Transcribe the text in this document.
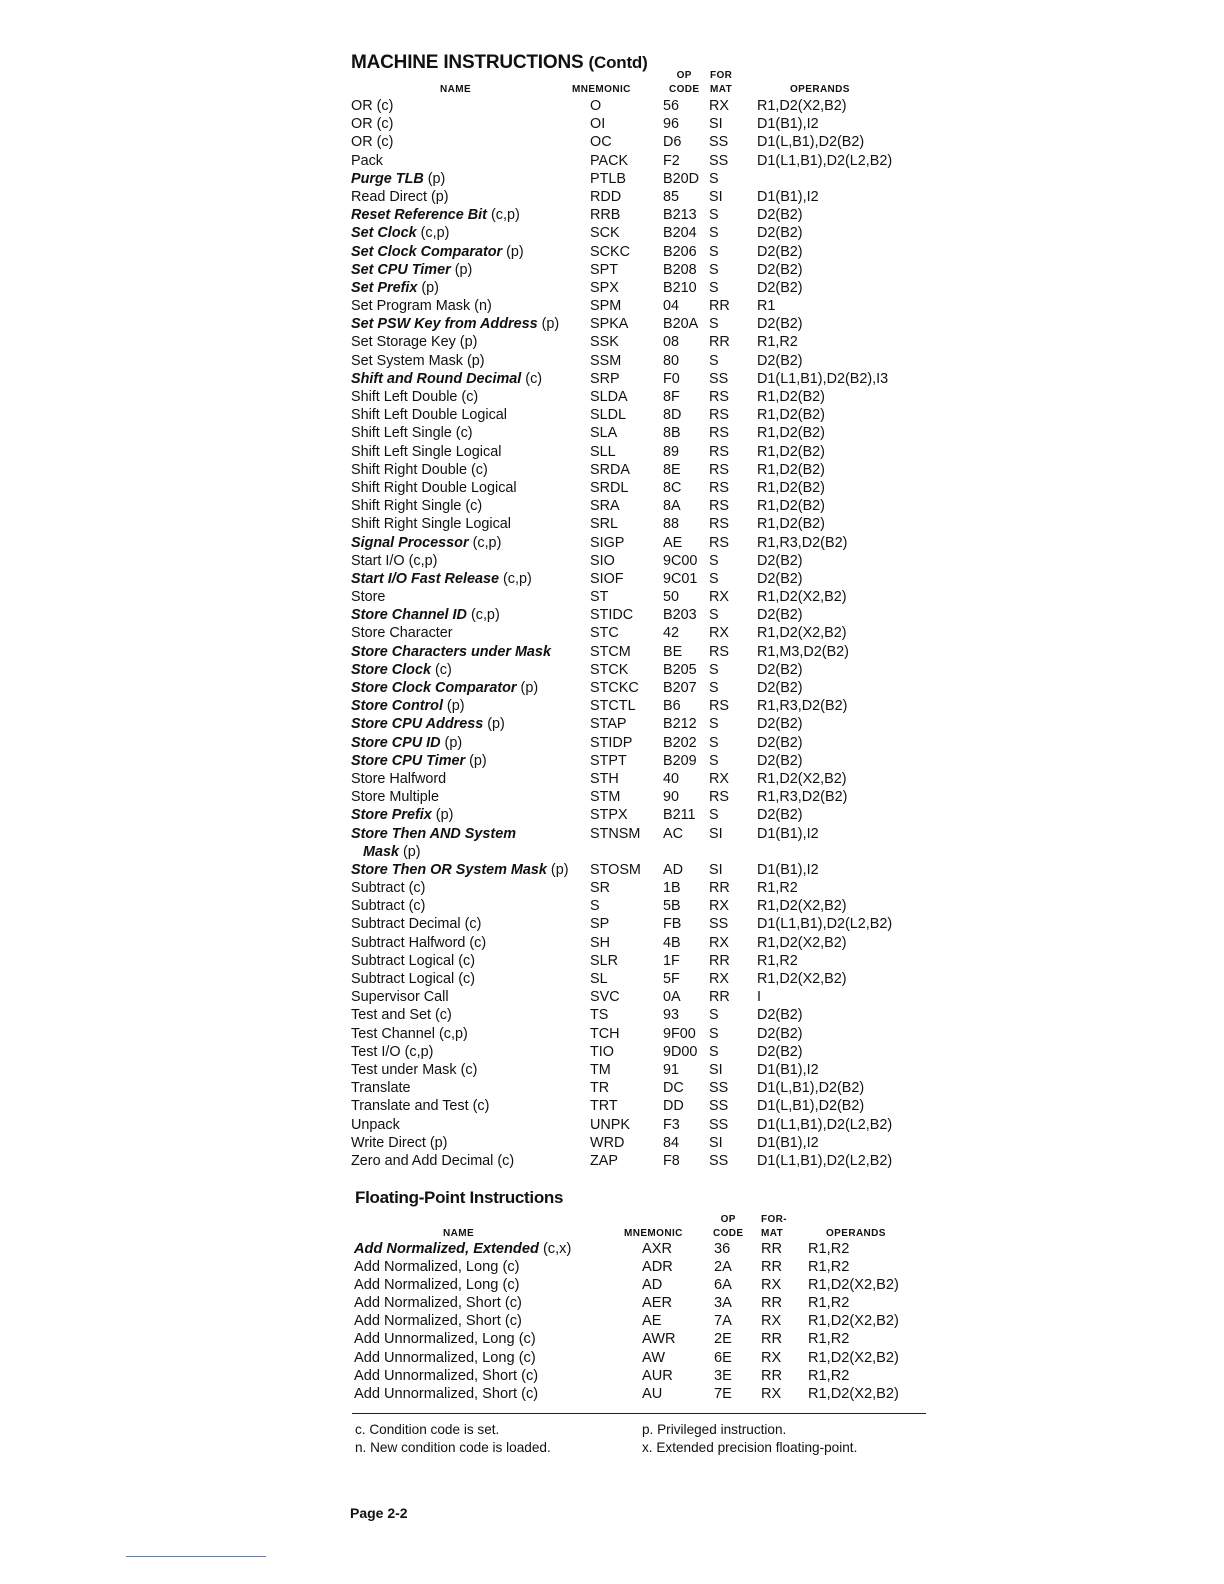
MACHINE INSTRUCTIONS (Contd)
NAME	MNEMONIC
OP
CODE
FOR
MAT	OPERANDS
OR (c)	O	56 RX R1,D2(X2,B2)
OR (c)	OI	96 SI D1(B1),I2
OR (c)	OC	D6 SS D1(L,B1),D2(B2)
Pack	PACK F2 SS D1(L1,B1),D2(L2,B2)
Purge TLB (p)	PTLB	B20D S
Read Direct (p)	RDD	85 SI D1(B1),I2
Reset Reference Bit (c,p)	RRB	B213 S	D2(B2)
Set Clock (c,p)	SCK	B204 S	D2(B2)
Set Clock Comparator (p)	SCKC B206 S	D2(B2)
Set CPU Timer (p)	SPT	B208 S	D2(B2)
Set Prefix (p)	SPX	B210 S	D2(B2)
Set Program Mask (n)	SPM	04 RR R1
Set PSW Key from Address (p) SPKA B20A S	D2(B2)
Set Storage Key (p)	SSK	08 RR R1,R2
Set System Mask (p)	SSM	80 S	D2(B2)
Shift and Round Decimal (c)	SRP	F0 SS D1(L1,B1),D2(B2),I3
Shift Left Double (c)	SLDA 8F RS R1,D2(B2)
Shift Left Double Logical	SLDL	8D RS R1,D2(B2)
Shift Left Single (c)	SLA	8B RS R1,D2(B2)
Shift Left Single Logical	SLL	89 RS R1,D2(B2)
Shift Right Double (c)	SRDA 8E RS R1,D2(B2)
Shift Right Double Logical	SRDL 8C RS R1,D2(B2)
Shift Right Single (c)	SRA	8A RS R1,D2(B2)
Shift Right Single Logical	SRL	88 RS R1,D2(B2)
Signal Processor (c,p)	SIGP	AE RS R1,R3,D2(B2)
Start I/O (c,p)	SIO	9C00 S	D2(B2)
Start I/O Fast Release (c,p)	SIOF	9C01 S	D2(B2)
Store	ST	50 RX R1,D2(X2,B2)
Store Channel ID (c,p)	STIDC B203 S	D2(B2)
Store Character	STC	42 RX R1,D2(X2,B2)
Store Characters under Mask	STCM BE RS R1,M3,D2(B2)
Store Clock (c)	STCK B205 S	D2(B2)
Store Clock Comparator (p)	STCKC B207 S	D2(B2)
Store Control (p)	STCTL B6 RS R1,R3,D2(B2)
Store CPU Address (p)	STAP	B212 S	D2(B2)
Store CPU ID (p)	STIDP B202 S	D2(B2)
Store CPU Timer (p)	STPT	B209 S	D2(B2)
Store Halfword	STH	40 RX R1,D2(X2,B2)
Store Multiple	STM	90 RS R1,R3,D2(B2)
Store Prefix (p)	STPX B211 S	D2(B2)
Store Then AND System	STNSM AC SI D1(B1),I2
Mask (p)
Store Then OR System Mask (p) STOSM AD SI D1(B1),I2
Subtract (c)	SR	1B RR R1,R2
Subtract (c)	S	5B RX R1,D2(X2,B2)
Subtract Decimal (c)	SP	FB SS D1(L1,B1),D2(L2,B2)
Subtract Halfword (c)	SH	4B RX R1,D2(X2,B2)
Subtract Logical (c)	SLR	1F RR R1,R2
Subtract Logical (c)	SL	5F RX R1,D2(X2,B2)
Supervisor Call	SVC	0A RR I
Test and Set (c)	TS	93 S	D2(B2)
Test Channel (c,p)	TCH	9F00 S	D2(B2)
Test I/O (c,p)	TIO	9D00 S	D2(B2)
Test under Mask (c)	TM	91 SI D1(B1),I2
Translate	TR	DC SS D1(L,B1),D2(B2)
Translate and Test (c)	TRT	DD SS D1(L,B1),D2(B2)
Unpack	UNPK F3 SS D1(L1,B1),D2(L2,B2)
Write Direct (p)	WRD	84 SI D1(B1),I2
Zero and Add Decimal (c)	ZAP	F8 SS D1(L1,B1),D2(L2,B2)
Floating-Point Instructions
NAME	MNEMONIC
OP
CODE
FOR-
MAT	OPERANDS
Add Normalized, Extended (c,x)	AXR	36 RR R1,R2
Add Normalized, Long (c)	ADR	2A RR R1,R2
Add Normalized, Long (c)	AD	6A RX R1,D2(X2,B2)
Add Normalized, Short (c)	AER	3A RR R1,R2
Add Normalized, Short (c)	AE	7A RX R1,D2(X2,B2)
Add Unnormalized, Long (c)	AWR	2E RR R1,R2
Add Unnormalized, Long (c)	AW	6E RX R1,D2(X2,B2)
Add Unnormalized, Short (c)	AUR	3E RR R1,R2
Add Unnormalized, Short (c)	AU	7E RX R1,D2(X2,B2)
c. Condition code is set.
n. New condition code is loaded.
p. Privileged instruction.
x. Extended precision floating-point.
Page 2-2
